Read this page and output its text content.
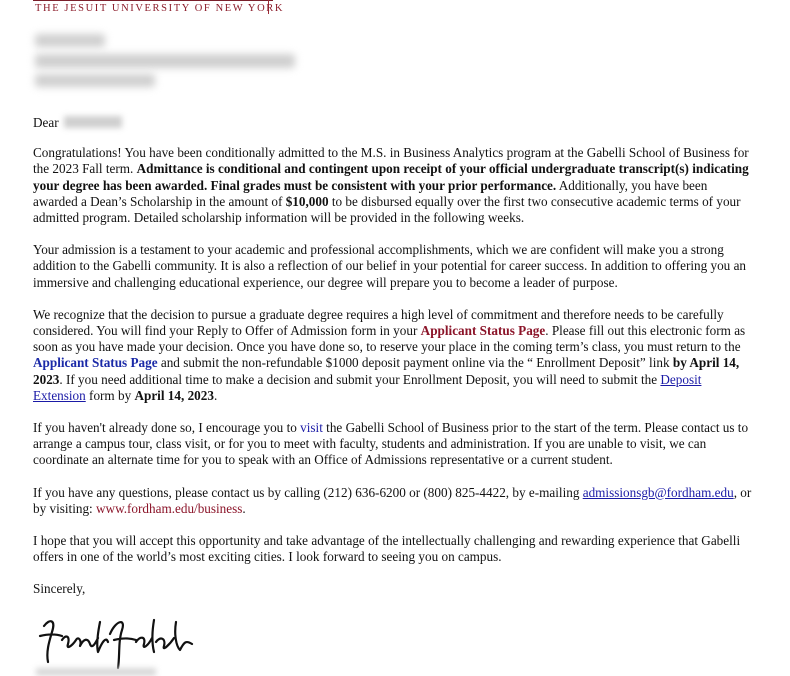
THE JESUIT UNIVERSITY OF NEW YORK

Dear

Congratulations! You have been conditionally admitted to the M.S. in Business Analytics program at the Gabelli School of Business for the 2023 Fall term. Admittance is conditional and contingent upon receipt of your official undergraduate transcript(s) indicating your degree has been awarded. Final grades must be consistent with your prior performance. Additionally, you have been awarded a Dean’s Scholarship in the amount of $10,000 to be disbursed equally over the first two consecutive academic terms of your admitted program. Detailed scholarship information will be provided in the following weeks.

Your admission is a testament to your academic and professional accomplishments, which we are confident will make you a strong addition to the Gabelli community. It is also a reflection of our belief in your potential for career success. In addition to offering you an immersive and challenging educational experience, our degree will prepare you to become a leader of purpose.

We recognize that the decision to pursue a graduate degree requires a high level of commitment and therefore needs to be carefully considered. You will find your Reply to Offer of Admission form in your Applicant Status Page. Please fill out this electronic form as soon as you have made your decision. Once you have done so, to reserve your place in the coming term’s class, you must return to the Applicant Status Page and submit the non-refundable $1000 deposit payment online via the “ Enrollment Deposit” link by April 14, 2023. If you need additional time to make a decision and submit your Enrollment Deposit, you will need to submit the Deposit Extension form by April 14, 2023.

If you haven't already done so, I encourage you to visit the Gabelli School of Business prior to the start of the term. Please contact us to arrange a campus tour, class visit, or for you to meet with faculty, students and administration. If you are unable to visit, we can coordinate an alternate time for you to speak with an Office of Admissions representative or a current student.

If you have any questions, please contact us by calling (212) 636-6200 or (800) 825-4422, by e-mailing admissionsgb@fordham.edu, or by visiting: www.fordham.edu/business.

I hope that you will accept this opportunity and take advantage of the intellectually challenging and rewarding experience that Gabelli offers in one of the world’s most exciting cities. I look forward to seeing you on campus.

Sincerely,
